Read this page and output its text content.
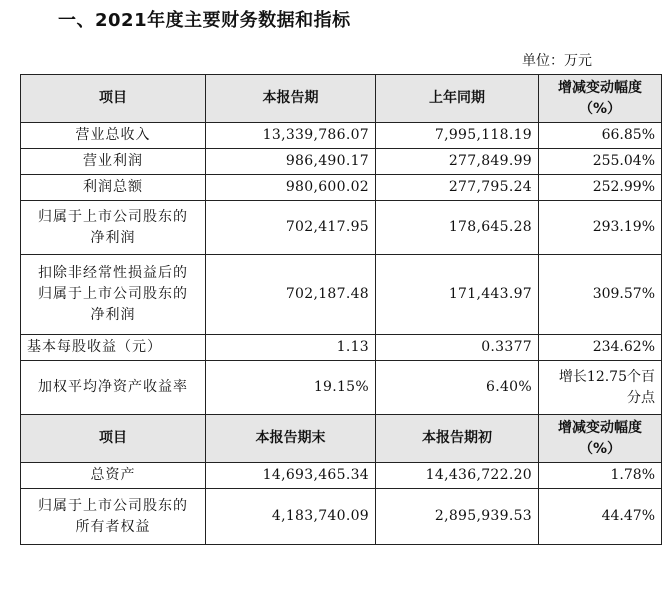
一、2021年度主要财务数据和指标
单位：万元
项目	本报告期	上年同期	增减变动幅度（%）
营业总收入	13,339,786.07	7,995,118.19	66.85%
营业利润	986,490.17	277,849.99	255.04%
利润总额	980,600.02	277,795.24	252.99%
归属于上市公司股东的净利润	702,417.95	178,645.28	293.19%
扣除非经常性损益后的归属于上市公司股东的净利润	702,187.48	171,443.97	309.57%
基本每股收益（元）	1.13	0.3377	234.62%
加权平均净资产收益率	19.15%	6.40%	增长12.75个百分点
项目	本报告期末	本报告期初	增减变动幅度（%）
总资产	14,693,465.34	14,436,722.20	1.78%
归属于上市公司股东的所有者权益	4,183,740.09	2,895,939.53	44.47%
